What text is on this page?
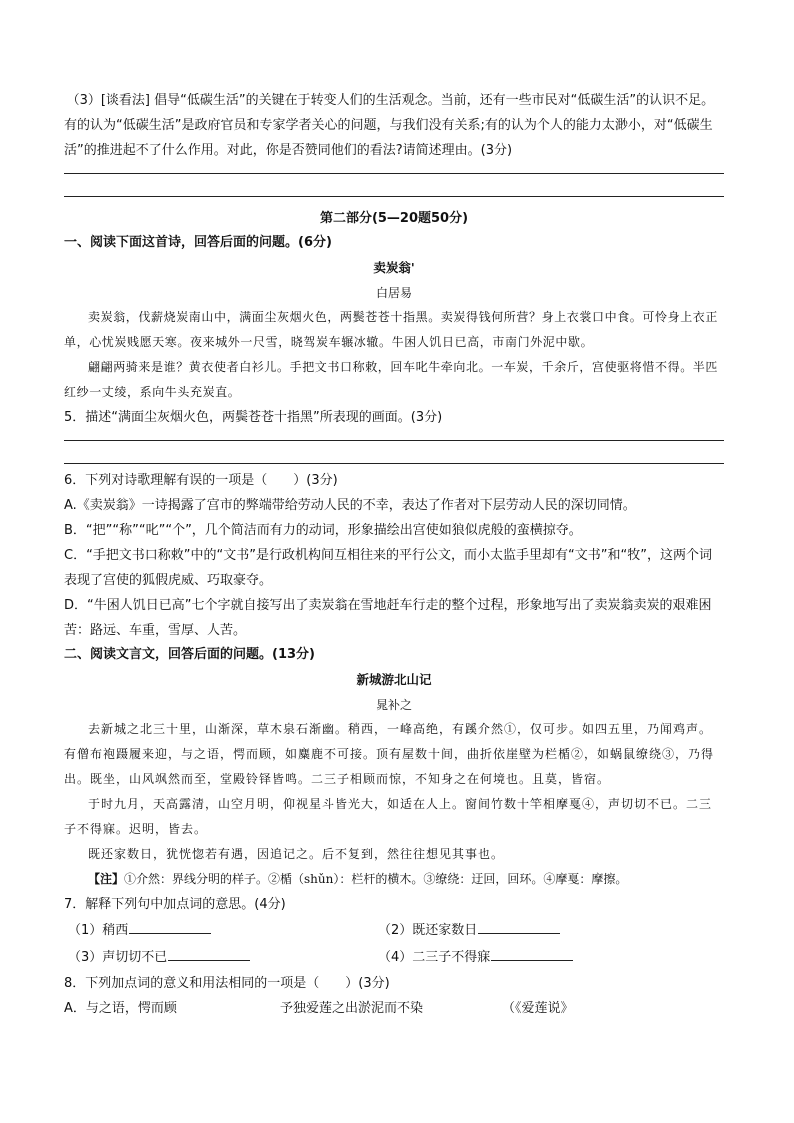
（3）[谈看法] 倡导“低碳生活”的关键在于转变人们的生活观念。当前，还有一些市民对“低碳生活”的认识不足。有的认为“低碳生活”是政府官员和专家学者关心的问题，与我们没有关系;有的认为个人的能力太渺小，对“低碳生活”的推进起不了什么作用。对此，你是否赞同他们的看法?请简述理由。(3分)

第二部分(5—20题50分)

一、阅读下面这首诗，回答后面的问题。(6分)

卖炭翁'
白居易

卖炭翁，伐薪烧炭南山中，满面尘灰烟火色，两鬓苍苍十指黑。卖炭得钱何所营？身上衣裳口中食。可怜身上衣正单，心忧炭贱愿天寒。夜来城外一尺雪，晓驾炭车辗冰辙。牛困人饥日已高，市南门外泥中歇。

翩翩两骑来是谁？黄衣使者白衫儿。手把文书口称敕，回车叱牛牵向北。一车炭，千余斤，宫使驱将惜不得。半匹红纱一丈绫，系向牛头充炭直。

5．描述“满面尘灰烟火色，两鬓苍苍十指黑”所表现的画面。(3分)

6．下列对诗歌理解有误的一项是（　　）(3分)

A.《卖炭翁》一诗揭露了宫市的弊端带给劳动人民的不幸，表达了作者对下层劳动人民的深切同情。

B．“把”“称”“叱”“个”，几个简洁而有力的动词，形象描绘出宫使如狼似虎般的蛮横掠夺。

C．“手把文书口称敕”中的“文书”是行政机构间互相往来的平行公文，而小太监手里却有“文书”和“牧”，这两个词表现了宫使的狐假虎威、巧取豪夺。

D．“牛困人饥日已高”七个字就自接写出了卖炭翁在雪地赶车行走的整个过程，形象地写出了卖炭翁卖炭的艰难困苦：路远、车重，雪厚、人苦。

二、阅读文言文，回答后面的问题。(13分)

新城游北山记
晁补之

去新城之北三十里，山渐深，草木泉石渐幽。稍西，一峰高绝，有蹊介然①，仅可步。如四五里，乃闻鸡声。有僧布袍蹑履来迎，与之语，愕而顾，如麋鹿不可接。顶有屋数十间，曲折依崖壁为栏楯②，如蜗鼠缭绕③，乃得出。既坐，山风飒然而至，堂殿铃铎皆鸣。二三子相顾而惊，不知身之在何境也。且莫，皆宿。

于时九月，天高露清，山空月明，仰视星斗皆光大，如适在人上。窗间竹数十竿相摩戛④，声切切不已。二三子不得寐。迟明，皆去。

既还家数日，犹恍惚若有遇，因追记之。后不复到，然往往想见其事也。

【注】①介然：界线分明的样子。②楯（shǔn）：栏杆的横木。③缭绕：迂回，回环。④摩戛：摩擦。

7．解释下列句中加点词的意思。(4分)

（1）稍西	（2）既还家数日
（3）声切切不已	（4）二三子不得寐

8．下列加点词的意义和用法相同的一项是（　　）(3分)

A．与之语，愕而顾	予独爱莲之出淤泥而不染	（《爱莲说》
